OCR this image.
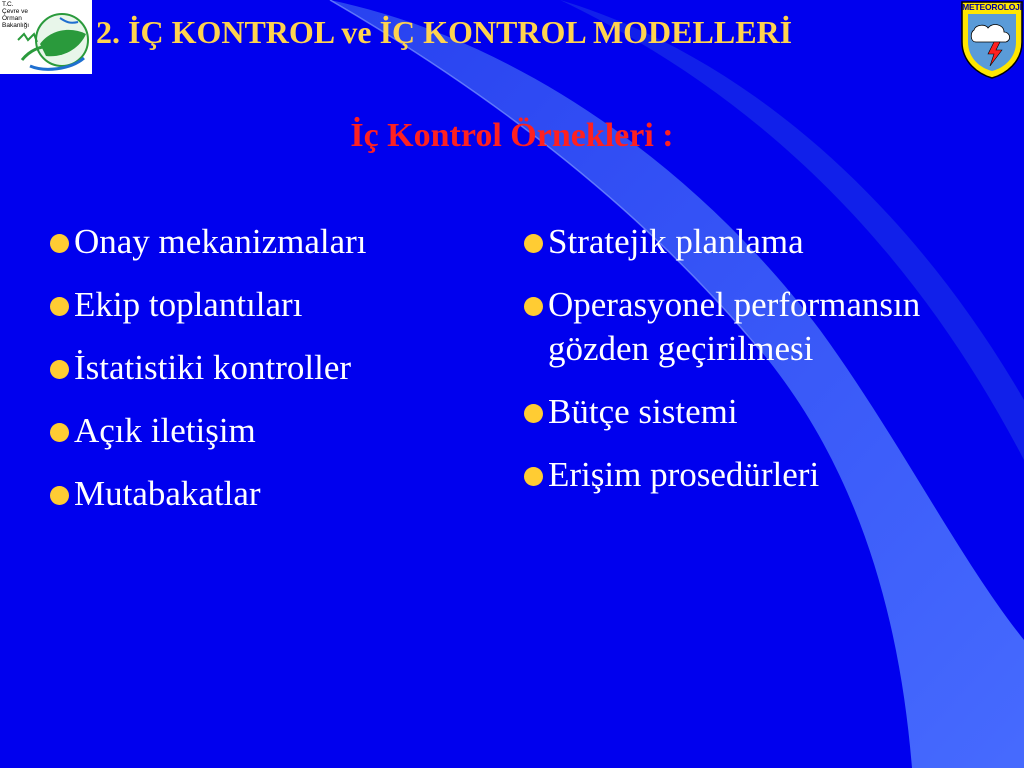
T.C.
Çevre ve Orman
Bakanlığı
METEOROLOJİ
2. İÇ KONTROL ve İÇ KONTROL MODELLERİ
İç Kontrol Örnekleri :
Onay mekanizmaları
Ekip toplantıları
İstatistiki kontroller
Açık iletişim
Mutabakatlar
Stratejik planlama
Operasyonel performansın gözden geçirilmesi
Bütçe sistemi
Erişim prosedürleri
